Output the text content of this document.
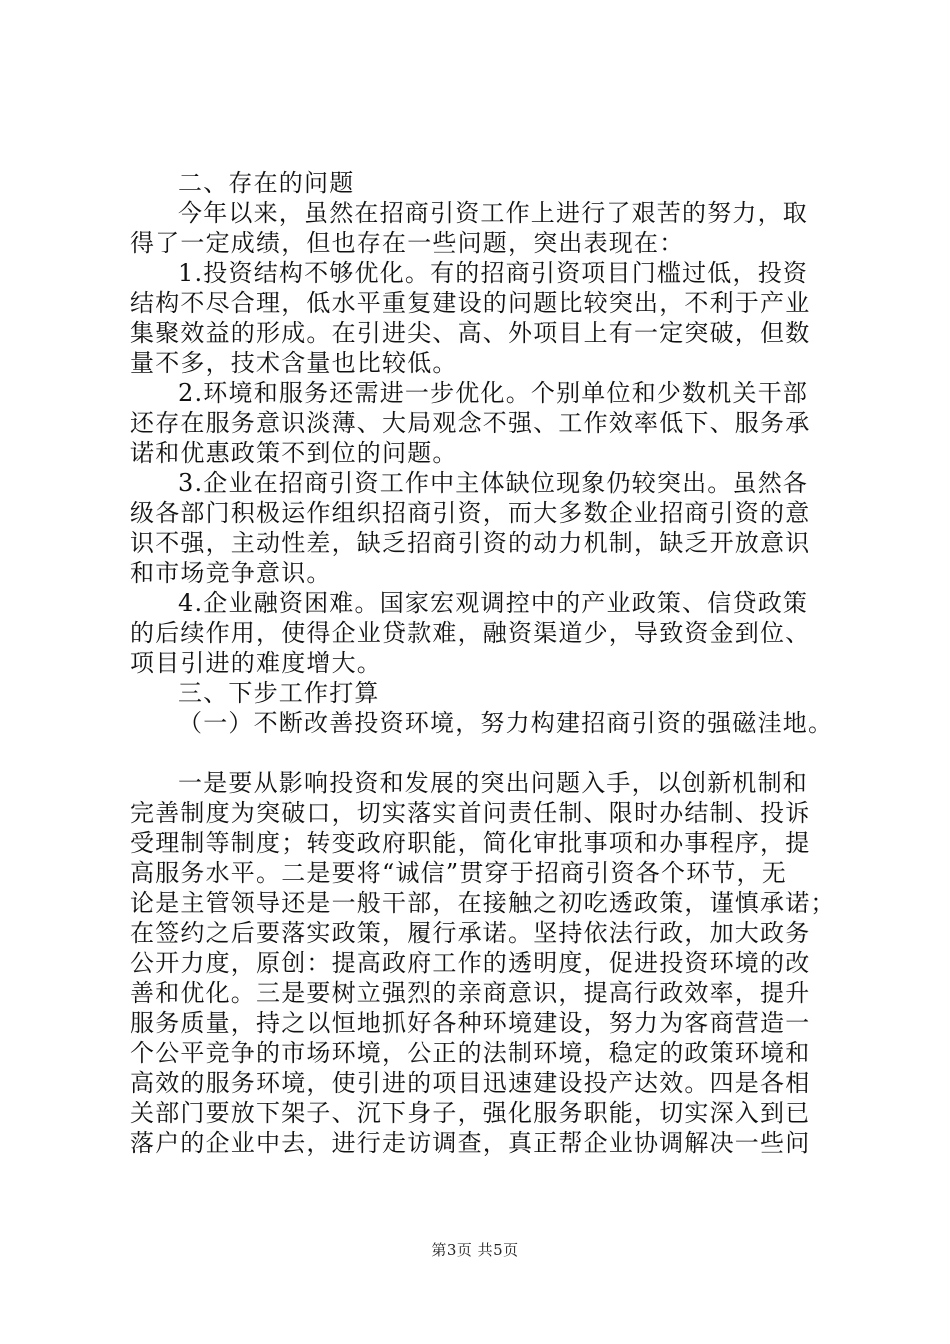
二、存在的问题
今年以来，虽然在招商引资工作上进行了艰苦的努力，取
得了一定成绩，但也存在一些问题，突出表现在：
1.投资结构不够优化。有的招商引资项目门槛过低，投资
结构不尽合理，低水平重复建设的问题比较突出，不利于产业
集聚效益的形成。在引进尖、高、外项目上有一定突破，但数
量不多，技术含量也比较低。
2.环境和服务还需进一步优化。个别单位和少数机关干部
还存在服务意识淡薄、大局观念不强、工作效率低下、服务承
诺和优惠政策不到位的问题。
3.企业在招商引资工作中主体缺位现象仍较突出。虽然各
级各部门积极运作组织招商引资，而大多数企业招商引资的意
识不强，主动性差，缺乏招商引资的动力机制，缺乏开放意识
和市场竞争意识。
4.企业融资困难。国家宏观调控中的产业政策、信贷政策
的后续作用，使得企业贷款难，融资渠道少，导致资金到位、
项目引进的难度增大。
三、下步工作打算
（一）不断改善投资环境，努力构建招商引资的强磁洼地。
一是要从影响投资和发展的突出问题入手，以创新机制和
完善制度为突破口，切实落实首问责任制、限时办结制、投诉
受理制等制度；转变政府职能，简化审批事项和办事程序，提
高服务水平。二是要将“诚信”贯穿于招商引资各个环节，无
论是主管领导还是一般干部，在接触之初吃透政策，谨慎承诺；
在签约之后要落实政策，履行承诺。坚持依法行政，加大政务
公开力度，原创：提高政府工作的透明度，促进投资环境的改
善和优化。三是要树立强烈的亲商意识，提高行政效率，提升
服务质量，持之以恒地抓好各种环境建设，努力为客商营造一
个公平竞争的市场环境，公正的法制环境，稳定的政策环境和
高效的服务环境，使引进的项目迅速建设投产达效。四是各相
关部门要放下架子、沉下身子，强化服务职能，切实深入到已
落户的企业中去，进行走访调查，真正帮企业协调解决一些问
第3页 共5页
